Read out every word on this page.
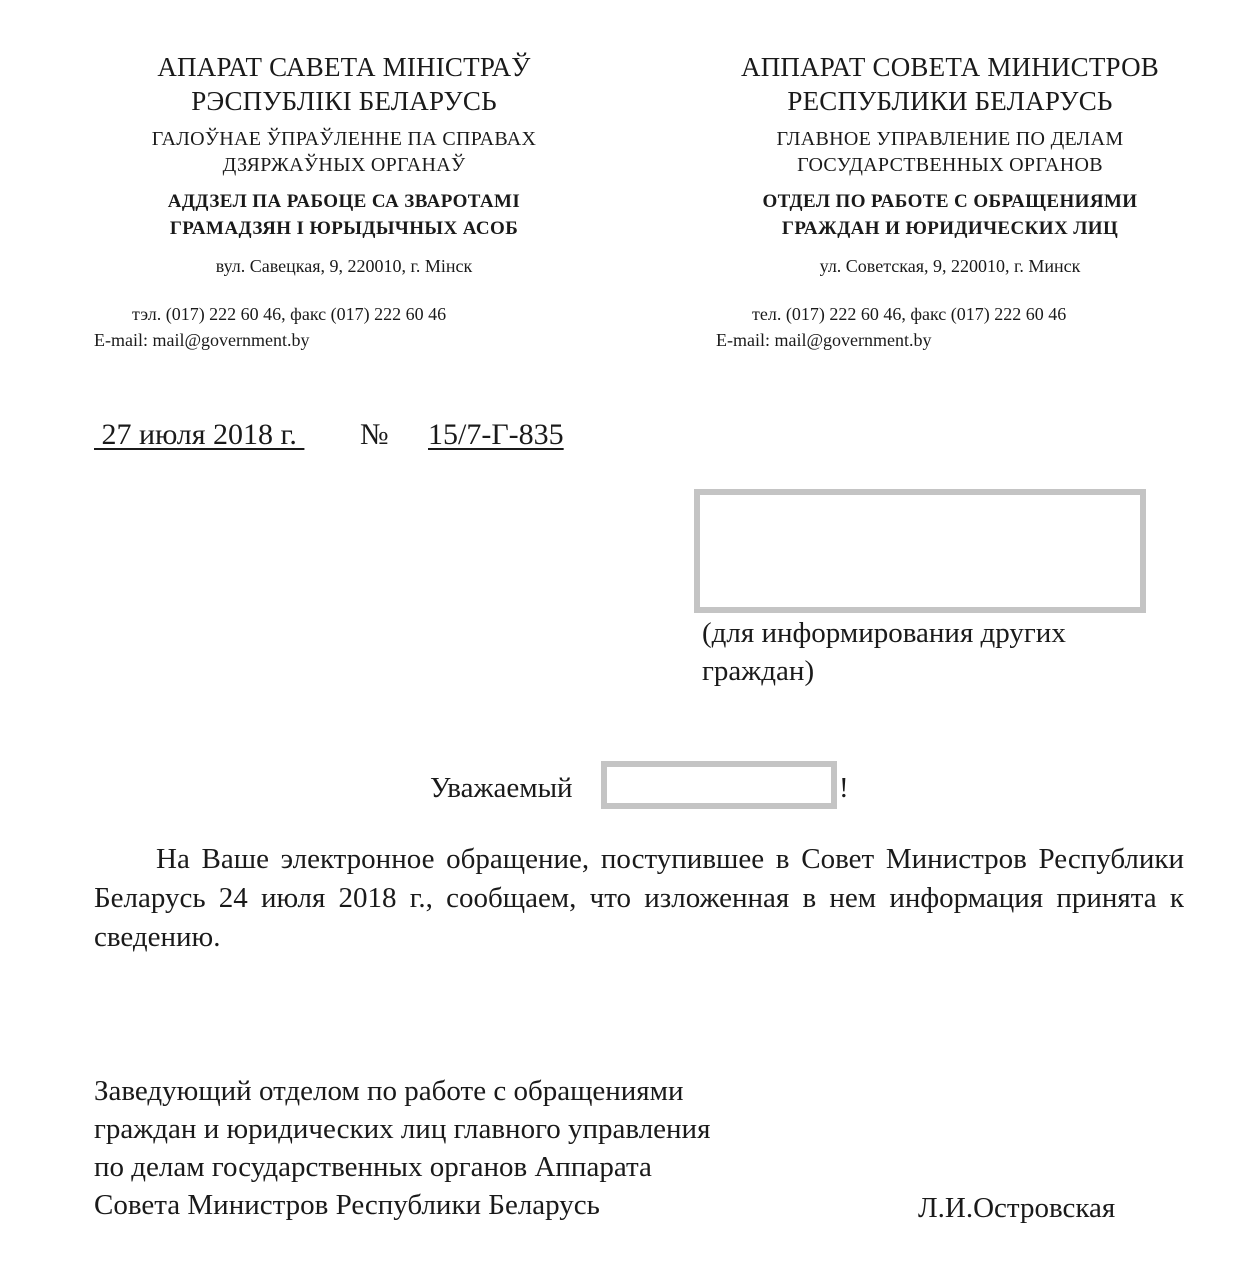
АПАРАТ САВЕТА МІНІСТРАЎ
РЭСПУБЛІКІ БЕЛАРУСЬ
ГАЛОЎНАЕ ЎПРАЎЛЕННЕ ПА СПРАВАХ
ДЗЯРЖАЎНЫХ ОРГАНАЎ
АДДЗЕЛ ПА РАБОЦЕ СА ЗВАРОТАМІ
ГРАМАДЗЯН І ЮРЫДЫЧНЫХ АСОБ
вул. Савецкая, 9, 220010, г. Мінск
тэл. (017) 222 60 46, факс (017) 222 60 46
E-mail: mail@government.by
АППАРАТ СОВЕТА МИНИСТРОВ
РЕСПУБЛИКИ БЕЛАРУСЬ
ГЛАВНОЕ УПРАВЛЕНИЕ ПО ДЕЛАМ
ГОСУДАРСТВЕННЫХ ОРГАНОВ
ОТДЕЛ ПО РАБОТЕ С ОБРАЩЕНИЯМИ
ГРАЖДАН И ЮРИДИЧЕСКИХ ЛИЦ
ул. Советская, 9, 220010, г. Минск
тел. (017) 222 60 46, факс (017) 222 60 46
E-mail: mail@government.by
27 июля 2018 г. № 15/7-Г-835
(для информирования других
граждан)
Уважаемый	!
На Ваше электронное обращение, поступившее в Совет Министров Республики Беларусь 24 июля 2018 г., сообщаем, что изложенная в нем информация принята к сведению.
Заведующий отделом по работе с обращениями
граждан и юридических лиц главного управления
по делам государственных органов Аппарата
Совета Министров Республики Беларусь	Л.И.Островская
